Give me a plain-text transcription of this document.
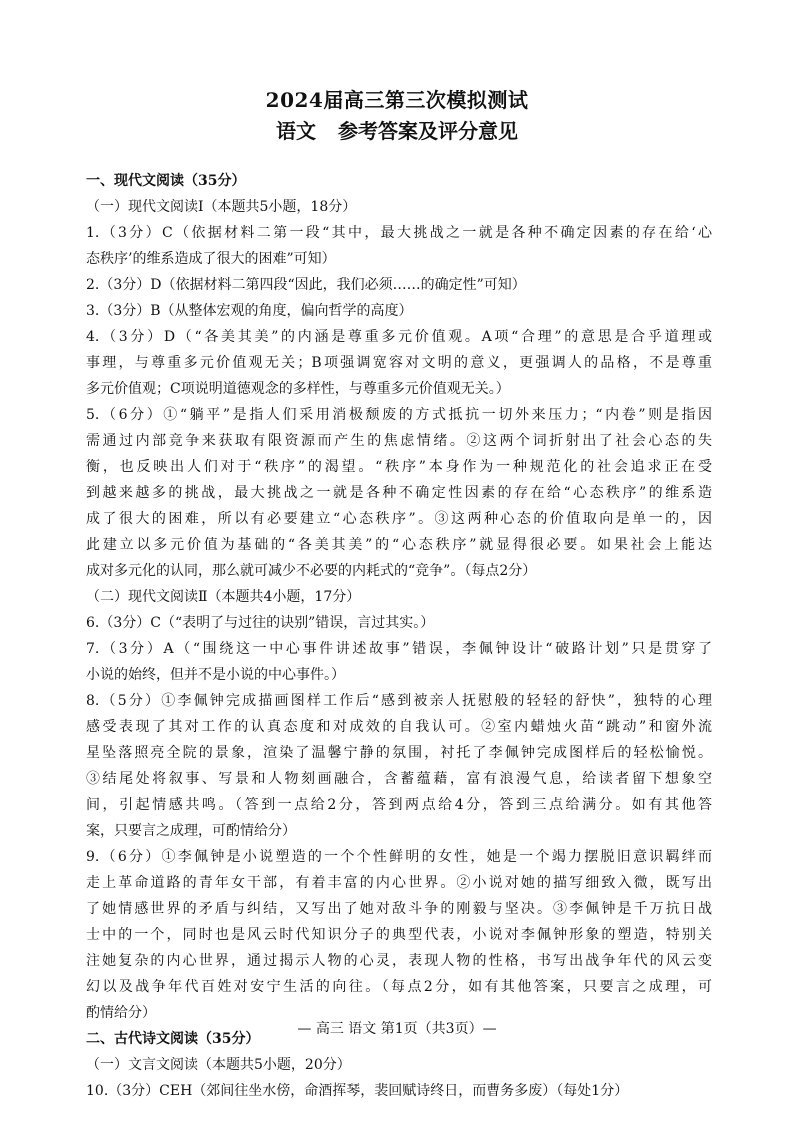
2024届高三第三次模拟测试
语文 参考答案及评分意见
一、现代文阅读（35分）
（一）现代文阅读Ⅰ（本题共5小题，18分）
1.（3分）C（依据材料二第一段“其中，最大挑战之一就是各种不确定因素的存在给‘心
态秩序’的维系造成了很大的困难”可知）
2.（3分）D（依据材料二第四段“因此，我们必须……的确定性”可知）
3.（3分）B（从整体宏观的角度，偏向哲学的高度）
4.（3分）D（“各美其美”的内涵是尊重多元价值观。A项“合理”的意思是合乎道理或
事理，与尊重多元价值观无关；B项强调宽容对文明的意义，更强调人的品格，不是尊重
多元价值观；C项说明道德观念的多样性，与尊重多元价值观无关。）
5.（6分）①“躺平”是指人们采用消极颓废的方式抵抗一切外来压力；“内卷”则是指因
需通过内部竞争来获取有限资源而产生的焦虑情绪。②这两个词折射出了社会心态的失
衡，也反映出人们对于“秩序”的渴望。“秩序”本身作为一种规范化的社会追求正在受
到越来越多的挑战，最大挑战之一就是各种不确定性因素的存在给“心态秩序”的维系造
成了很大的困难，所以有必要建立“心态秩序”。③这两种心态的价值取向是单一的，因
此建立以多元价值为基础的“各美其美”的“心态秩序”就显得很必要。如果社会上能达
成对多元化的认同，那么就可减少不必要的内耗式的“竞争”。（每点2分）
（二）现代文阅读Ⅱ（本题共4小题，17分）
6.（3分）C（“表明了与过往的诀别”错误，言过其实。）
7.（3分）A（“围绕这一中心事件讲述故事”错误，李佩钟设计“破路计划”只是贯穿了
小说的始终，但并不是小说的中心事件。）
8.（5分）①李佩钟完成描画图样工作后“感到被亲人抚慰般的轻轻的舒快”，独特的心理
感受表现了其对工作的认真态度和对成效的自我认可。②室内蜡烛火苗“跳动”和窗外流
星坠落照亮全院的景象，渲染了温馨宁静的氛围，衬托了李佩钟完成图样后的轻松愉悦。
③结尾处将叙事、写景和人物刻画融合，含蓄蕴藉，富有浪漫气息，给读者留下想象空
间，引起情感共鸣。（答到一点给2分，答到两点给4分，答到三点给满分。如有其他答
案，只要言之成理，可酌情给分）
9.（6分）①李佩钟是小说塑造的一个个性鲜明的女性，她是一个竭力摆脱旧意识羁绊而
走上革命道路的青年女干部，有着丰富的内心世界。②小说对她的描写细致入微，既写出
了她情感世界的矛盾与纠结，又写出了她对敌斗争的刚毅与坚决。③李佩钟是千万抗日战
士中的一个，同时也是风云时代知识分子的典型代表，小说对李佩钟形象的塑造，特别关
注她复杂的内心世界，通过揭示人物的心灵，表现人物的性格，书写出战争年代的风云变
幻以及战争年代百姓对安宁生活的向往。（每点2分，如有其他答案，只要言之成理，可
酌情给分）
二、古代诗文阅读（35分）
（一）文言文阅读（本题共5小题，20分）
10.（3分）CEH（郊间往坐水傍，命酒挥琴，裴回赋诗终日，而曹务多废）（每处1分）
— 高三 语文 第1页（共3页）—
